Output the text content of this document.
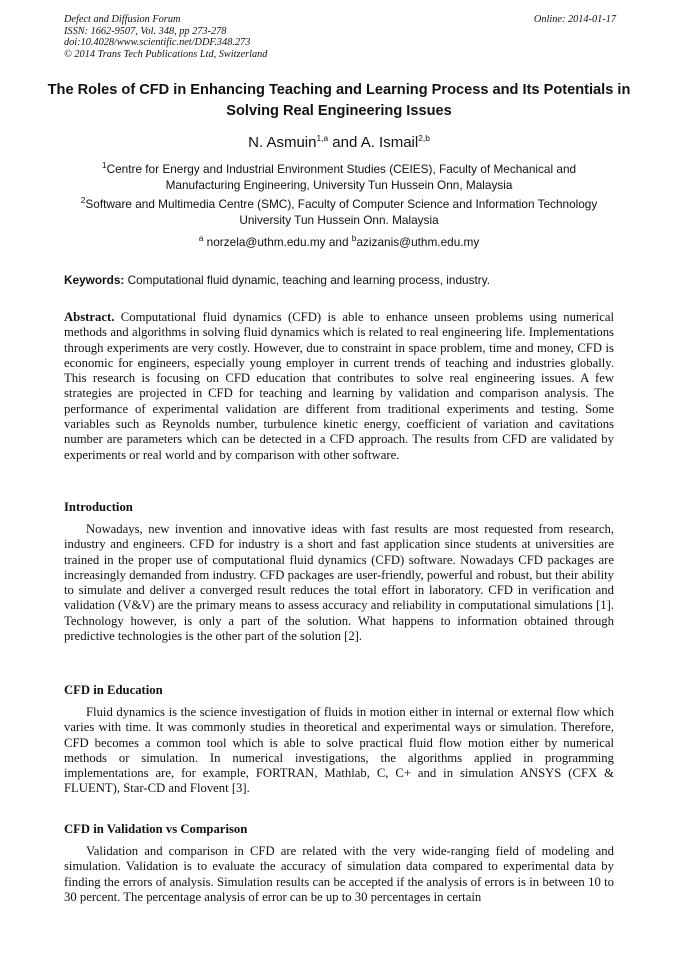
Defect and Diffusion Forum
ISSN: 1662-9507, Vol. 348, pp 273-278
doi:10.4028/www.scientific.net/DDF.348.273
© 2014 Trans Tech Publications Ltd, Switzerland
Online: 2014-01-17
The Roles of CFD in Enhancing Teaching and Learning Process and Its Potentials in Solving Real Engineering Issues
N. Asmuin$^{1,a}$ and A. Ismail$^{2,b}$
$^1$Centre for Energy and Industrial Environment Studies (CEIES), Faculty of Mechanical and Manufacturing Engineering, University Tun Hussein Onn, Malaysia
$^2$Software and Multimedia Centre (SMC), Faculty of Computer Science and Information Technology University Tun Hussein Onn. Malaysia
$^a$ norzela@uthm.edu.my and $^b$azizanis@uthm.edu.my
Keywords: Computational fluid dynamic, teaching and learning process, industry.

Abstract. Computational fluid dynamics (CFD) is able to enhance unseen problems using numerical methods and algorithms in solving fluid dynamics which is related to real engineering life. Implementations through experiments are very costly. However, due to constraint in space problem, time and money, CFD is economic for engineers, especially young employer in current trends of teaching and industries globally. This research is focusing on CFD education that contributes to solve real engineering issues. A few strategies are projected in CFD for teaching and learning by validation and comparison analysis. The performance of experimental validation are different from traditional experiments and testing. Some variables such as Reynolds number, turbulence kinetic energy, coefficient of variation and cavitations number are parameters which can be detected in a CFD approach. The results from CFD are validated by experiments or real world and by comparison with other software.

Introduction

Nowadays, new invention and innovative ideas with fast results are most requested from research, industry and engineers. CFD for industry is a short and fast application since students at universities are trained in the proper use of computational fluid dynamics (CFD) software. Nowadays CFD packages are increasingly demanded from industry. CFD packages are user-friendly, powerful and robust, but their ability to simulate and deliver a converged result reduces the total effort in laboratory. CFD in verification and validation (V&V) are the primary means to assess accuracy and reliability in computational simulations [1]. Technology however, is only a part of the solution. What happens to information obtained through predictive technologies is the other part of the solution [2].

CFD in Education

Fluid dynamics is the science investigation of fluids in motion either in internal or external flow which varies with time. It was commonly studies in theoretical and experimental ways or simulation. Therefore, CFD becomes a common tool which is able to solve practical fluid flow motion either by numerical methods or simulation. In numerical investigations, the algorithms applied in programming implementations are, for example, FORTRAN, Mathlab, C, C+ and in simulation ANSYS (CFX & FLUENT), Star-CD and Flovent [3].

CFD in Validation vs Comparison

Validation and comparison in CFD are related with the very wide-ranging field of modeling and simulation. Validation is to evaluate the accuracy of simulation data compared to experimental data by finding the errors of analysis. Simulation results can be accepted if the analysis of errors is in between 10 to 30 percent. The percentage analysis of error can be up to 30 percentages in certain
